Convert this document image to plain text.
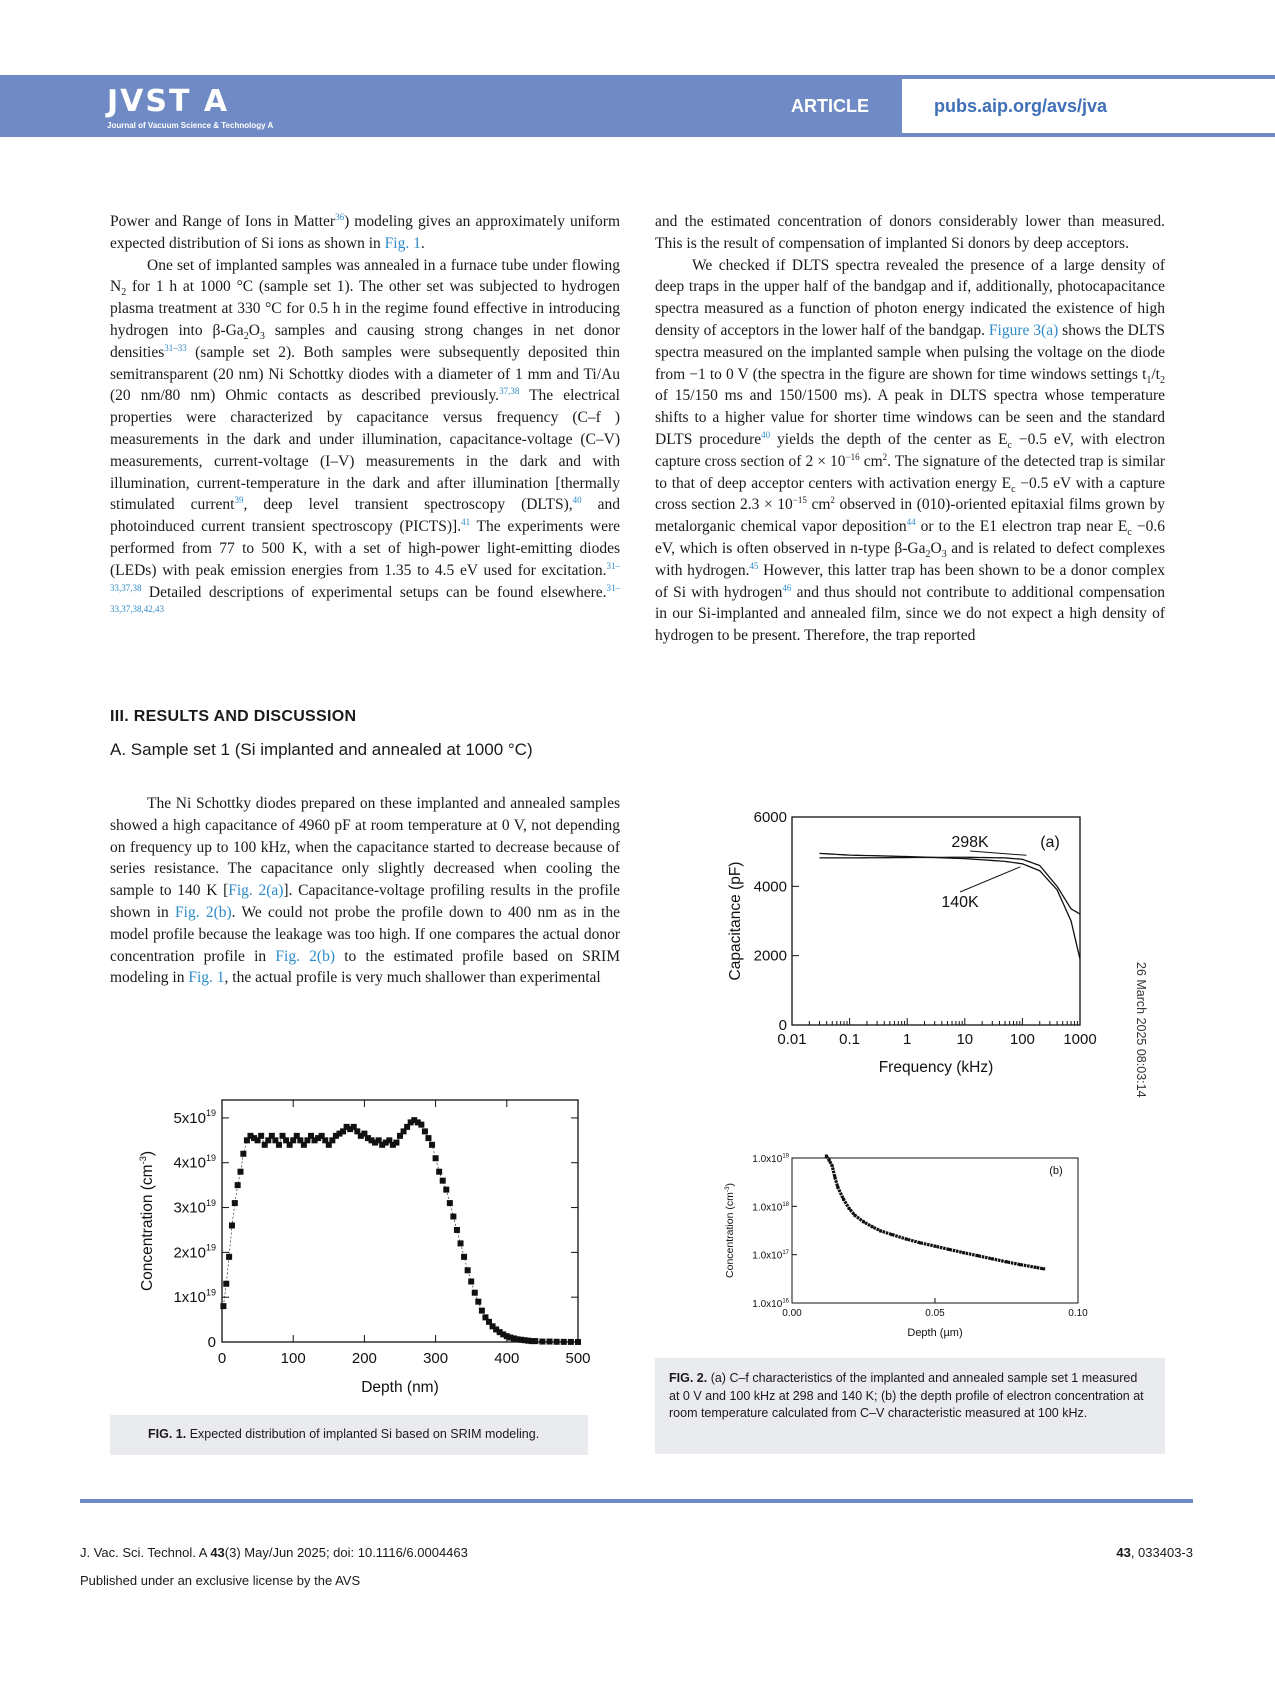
JVST A
Journal of Vacuum Science & Technology A
ARTICLE	pubs.aip.org/avs/jva

Power and Range of Ions in Matter$^{36}$) modeling gives an approximately uniform expected distribution of Si ions as shown in Fig. 1.

One set of implanted samples was annealed in a furnace tube under flowing $N_2$ for 1 h at 1000 °C (sample set 1). The other set was subjected to hydrogen plasma treatment at 330 °C for 0.5 h in the regime found effective in introducing hydrogen into $\beta-Ga_2O_3$ samples and causing strong changes in net donor densities$^{31-33}$ (sample set 2). Both samples were subsequently deposited thin semitransparent (20 nm) Ni Schottky diodes with a diameter of 1 mm and Ti/Au (20 nm/80 nm) Ohmic contacts as described previously.$^{37,38}$ The electrical properties were characterized by capacitance versus frequency (C–f ) measurements in the dark and under illumination, capacitance-voltage (C–V) measurements, current-voltage (I–V) measurements in the dark and with illumination, current-temperature in the dark and after illumination [thermally stimulated current$^{39}$, deep level transient spectroscopy (DLTS),$^{40}$ and photoinduced current transient spectroscopy (PICTS)].$^{41}$ The experiments were performed from 77 to 500 K, with a set of high-power light-emitting diodes (LEDs) with peak emission energies from 1.35 to 4.5 eV used for excitation.$^{31-33,37,38}$ Detailed descriptions of experimental setups can be found elsewhere.$^{31-33,37,38,42,43}$

III. RESULTS AND DISCUSSION
A. Sample set 1 (Si implanted and annealed at 1000 °C)

The Ni Schottky diodes prepared on these implanted and annealed samples showed a high capacitance of 4960 pF at room temperature at 0 V, not depending on frequency up to 100 kHz, when the capacitance started to decrease because of series resistance. The capacitance only slightly decreased when cooling the sample to 140 K [Fig. 2(a)]. Capacitance-voltage profiling results in the profile shown in Fig. 2(b). We could not probe the profile down to 400 nm as in the model profile because the leakage was too high. If one compares the actual donor concentration profile in Fig. 2(b) to the estimated profile based on SRIM modeling in Fig. 1, the actual profile is very much shallower than experimental

and the estimated concentration of donors considerably lower than measured. This is the result of compensation of implanted Si donors by deep acceptors.

We checked if DLTS spectra revealed the presence of a large density of deep traps in the upper half of the bandgap and if, additionally, photocapacitance spectra measured as a function of photon energy indicated the existence of high density of acceptors in the lower half of the bandgap. Figure 3(a) shows the DLTS spectra measured on the implanted sample when pulsing the voltage on the diode from −1 to 0 V (the spectra in the figure are shown for time windows settings $t_1/t_2$ of 15/150 ms and 150/1500 ms). A peak in DLTS spectra whose temperature shifts to a higher value for shorter time windows can be seen and the standard DLTS procedure$^{40}$ yields the depth of the center as $E_c -0.5$ eV, with electron capture cross section of $2 \times 10^{-16}$ $cm^2$. The signature of the detected trap is similar to that of deep acceptor centers with activation energy $E_c -0.5$ eV with a capture cross section $2.3 \times 10^{-15}$ $cm^2$ observed in (010)-oriented epitaxial films grown by metalorganic chemical vapor deposition$^{44}$ or to the E1 electron trap near $E_c -0.6$ eV, which is often observed in n-type $\beta-Ga_2O_3$ and is related to defect complexes with hydrogen.$^{45}$ However, this latter trap has been shown to be a donor complex of Si with hydrogen$^{46}$ and thus should not contribute to additional compensation in our Si-implanted and annealed film, since we do not expect a high density of hydrogen to be present. Therefore, the trap reported

0	100	200	300	400	500
0
$1x10^{19}$
$2x10^{19}$
$3x10^{19}$
$4x10^{19}$
$5x10^{19}$
Depth (nm)
Concentration $(cm^{-3})$
FIG. 1. Expected distribution of implanted Si based on SRIM modeling.
0.01 0.1	1	10 100 1000
0
2000
4000
6000
Frequency (kHz)
Capacitance (pF)
(a)
298K
140K
0.00	0.05	0.10
$1.0x10^{16}$
$1.0x10^{17}$
$1.0x10^{18}$
$1.0x10^{19}$
Depth (µm)
Concentration $(cm^{-3})$
(b)
FIG. 2. (a) C–f characteristics of the implanted and annealed sample set 1 measured at 0 V and 100 kHz at 298 and 140 K; (b) the depth profile of electron concentration at room temperature calculated from C–V characteristic measured at 100 kHz.
26 March 2025 08:03:14
J. Vac. Sci. Technol. A 43(3) May/Jun 2025; doi: 10.1116/6.0004463
Published under an exclusive license by the AVS
43, 033403-3
